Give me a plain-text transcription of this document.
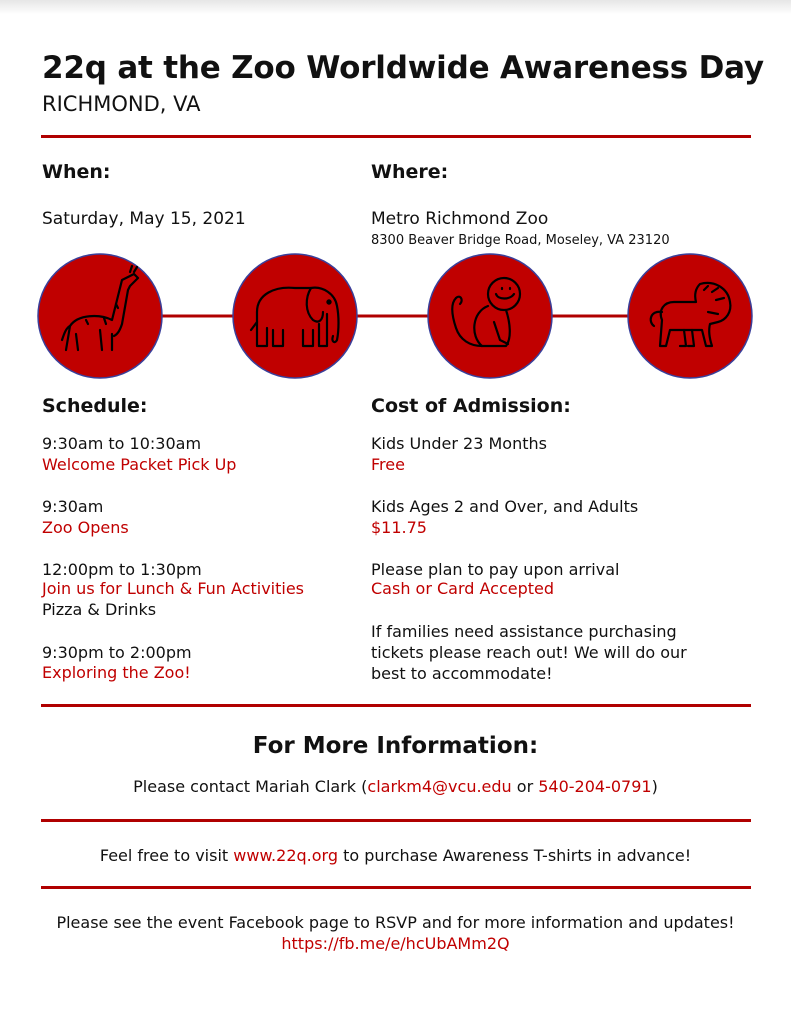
22q at the Zoo Worldwide Awareness Day
RICHMOND, VA
When:
Saturday, May 15, 2021
Where:
Metro Richmond Zoo
8300 Beaver Bridge Road, Moseley, VA 23120
Schedule:
9:30am to 10:30am
Welcome Packet Pick Up
9:30am
Zoo Opens
12:00pm to 1:30pm
Join us for Lunch & Fun Activities
Pizza & Drinks
9:30pm to 2:00pm
Exploring the Zoo!
Cost of Admission:
Kids Under 23 Months
Free
Kids Ages 2 and Over, and Adults
$11.75
Please plan to pay upon arrival
Cash or Card Accepted
If families need assistance purchasing
tickets please reach out! We will do our
best to accommodate!
For More Information:
Please contact Mariah Clark (clarkm4@vcu.edu or 540-204-0791)
Feel free to visit www.22q.org to purchase Awareness T-shirts in advance!
Please see the event Facebook page to RSVP and for more information and updates!
https://fb.me/e/hcUbAMm2Q
